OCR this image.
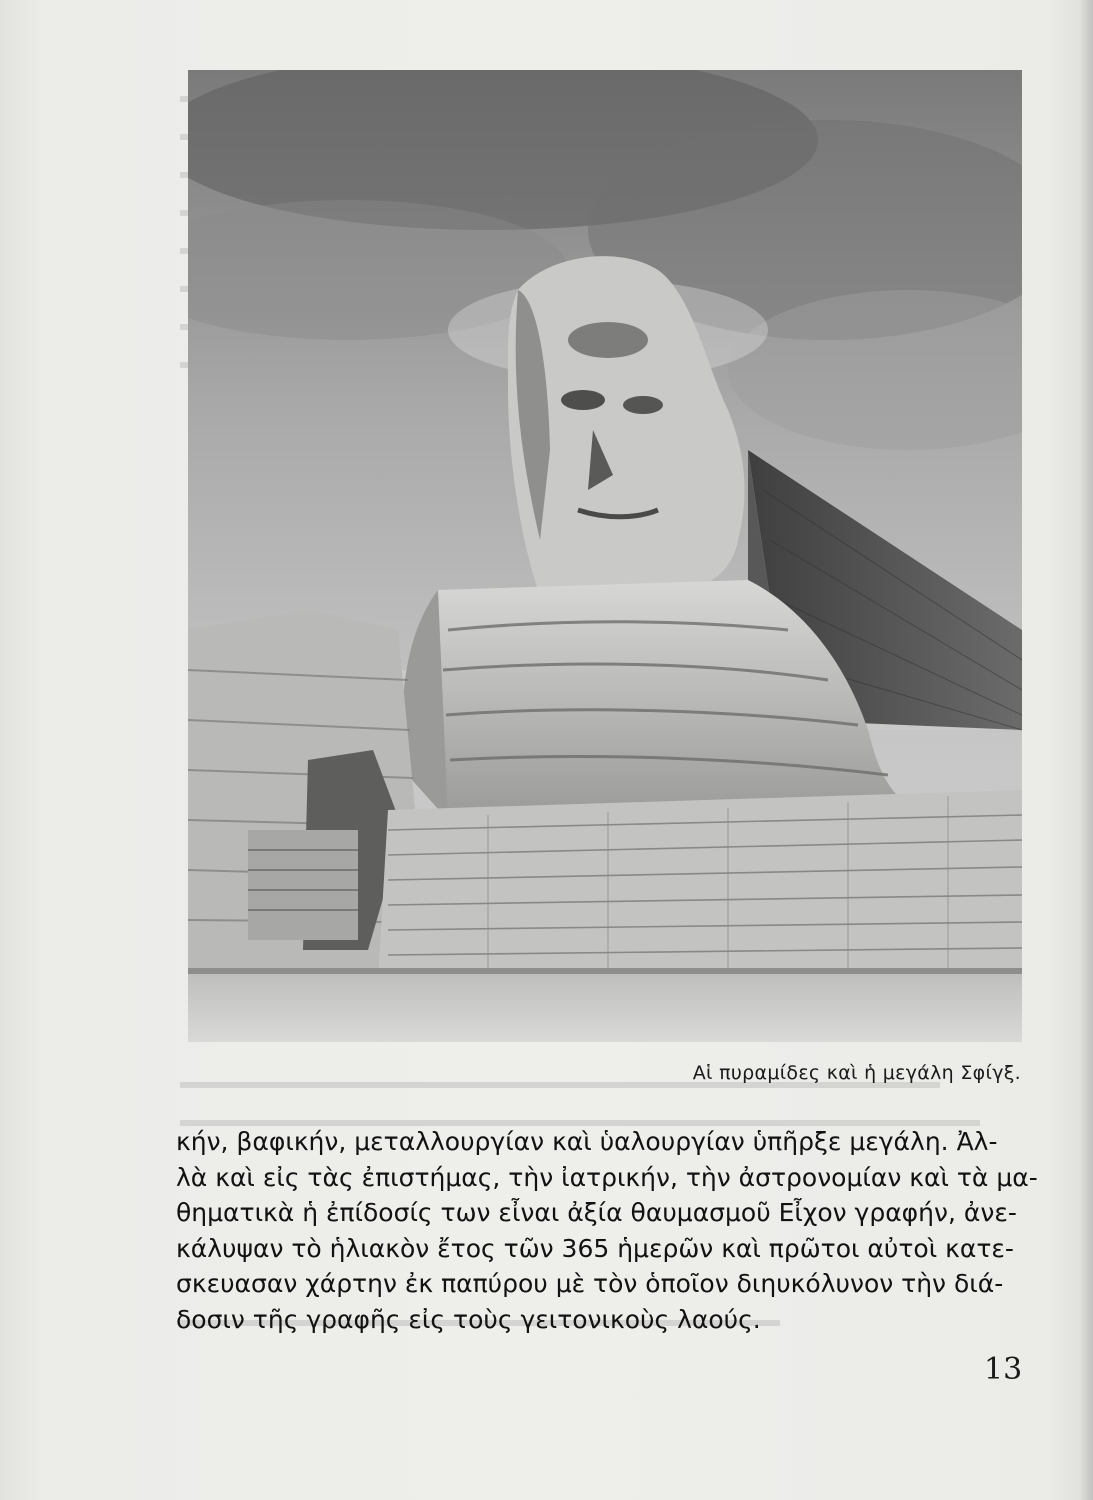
Αἱ πυραμίδες καὶ ἡ μεγάλη Σφίγξ.
κήν, βαφικήν, μεταλλουργίαν καὶ ὑαλουργίαν ὑπῆρξε μεγάλη. Ἀλ-
λὰ καὶ εἰς τὰς ἐπιστήμας, τὴν ἰατρικήν, τὴν ἀστρονομίαν καὶ τὰ μα-
θηματικὰ ἡ ἐπίδοσίς των εἶναι ἀξία θαυμασμοῦ Εἶχον γραφήν, ἀνε-
κάλυψαν τὸ ἡλιακὸν ἔτος τῶν 365 ἡμερῶν καὶ πρῶτοι αὐτοὶ κατε-
σκευασαν χάρτην ἐκ παπύρου μὲ τὸν ὁποῖον διηυκόλυνον τὴν διά-
δοσιν τῆς γραφῆς εἰς τοὺς γειτονικοὺς λαούς.
13
